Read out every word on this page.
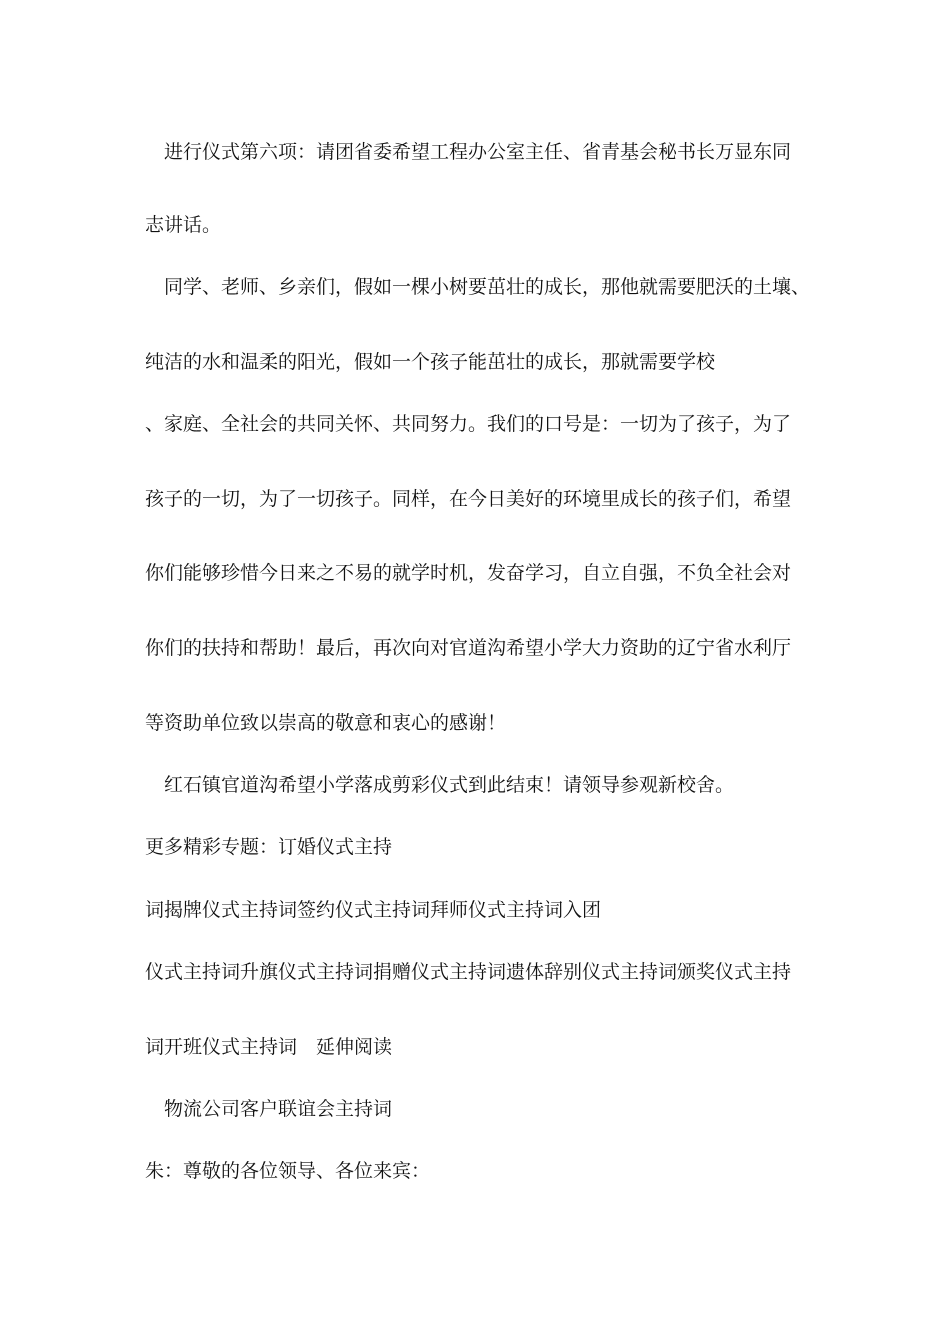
进行仪式第六项：请团省委希望工程办公室主任、省青基会秘书长万显东同
志讲话。
同学、老师、乡亲们，假如一棵小树要茁壮的成长，那他就需要肥沃的土壤、
纯洁的水和温柔的阳光，假如一个孩子能茁壮的成长，那就需要学校
、家庭、全社会的共同关怀、共同努力。我们的口号是：一切为了孩子，为了
孩子的一切，为了一切孩子。同样，在今日美好的环境里成长的孩子们，希望
你们能够珍惜今日来之不易的就学时机，发奋学习，自立自强，不负全社会对
你们的扶持和帮助！最后，再次向对官道沟希望小学大力资助的辽宁省水利厅
等资助单位致以崇高的敬意和衷心的感谢！
红石镇官道沟希望小学落成剪彩仪式到此结束！请领导参观新校舍。
更多精彩专题：订婚仪式主持
词揭牌仪式主持词签约仪式主持词拜师仪式主持词入团
仪式主持词升旗仪式主持词捐赠仪式主持词遗体辞别仪式主持词颁奖仪式主持
词开班仪式主持词　延伸阅读
物流公司客户联谊会主持词
朱：尊敬的各位领导、各位来宾：
